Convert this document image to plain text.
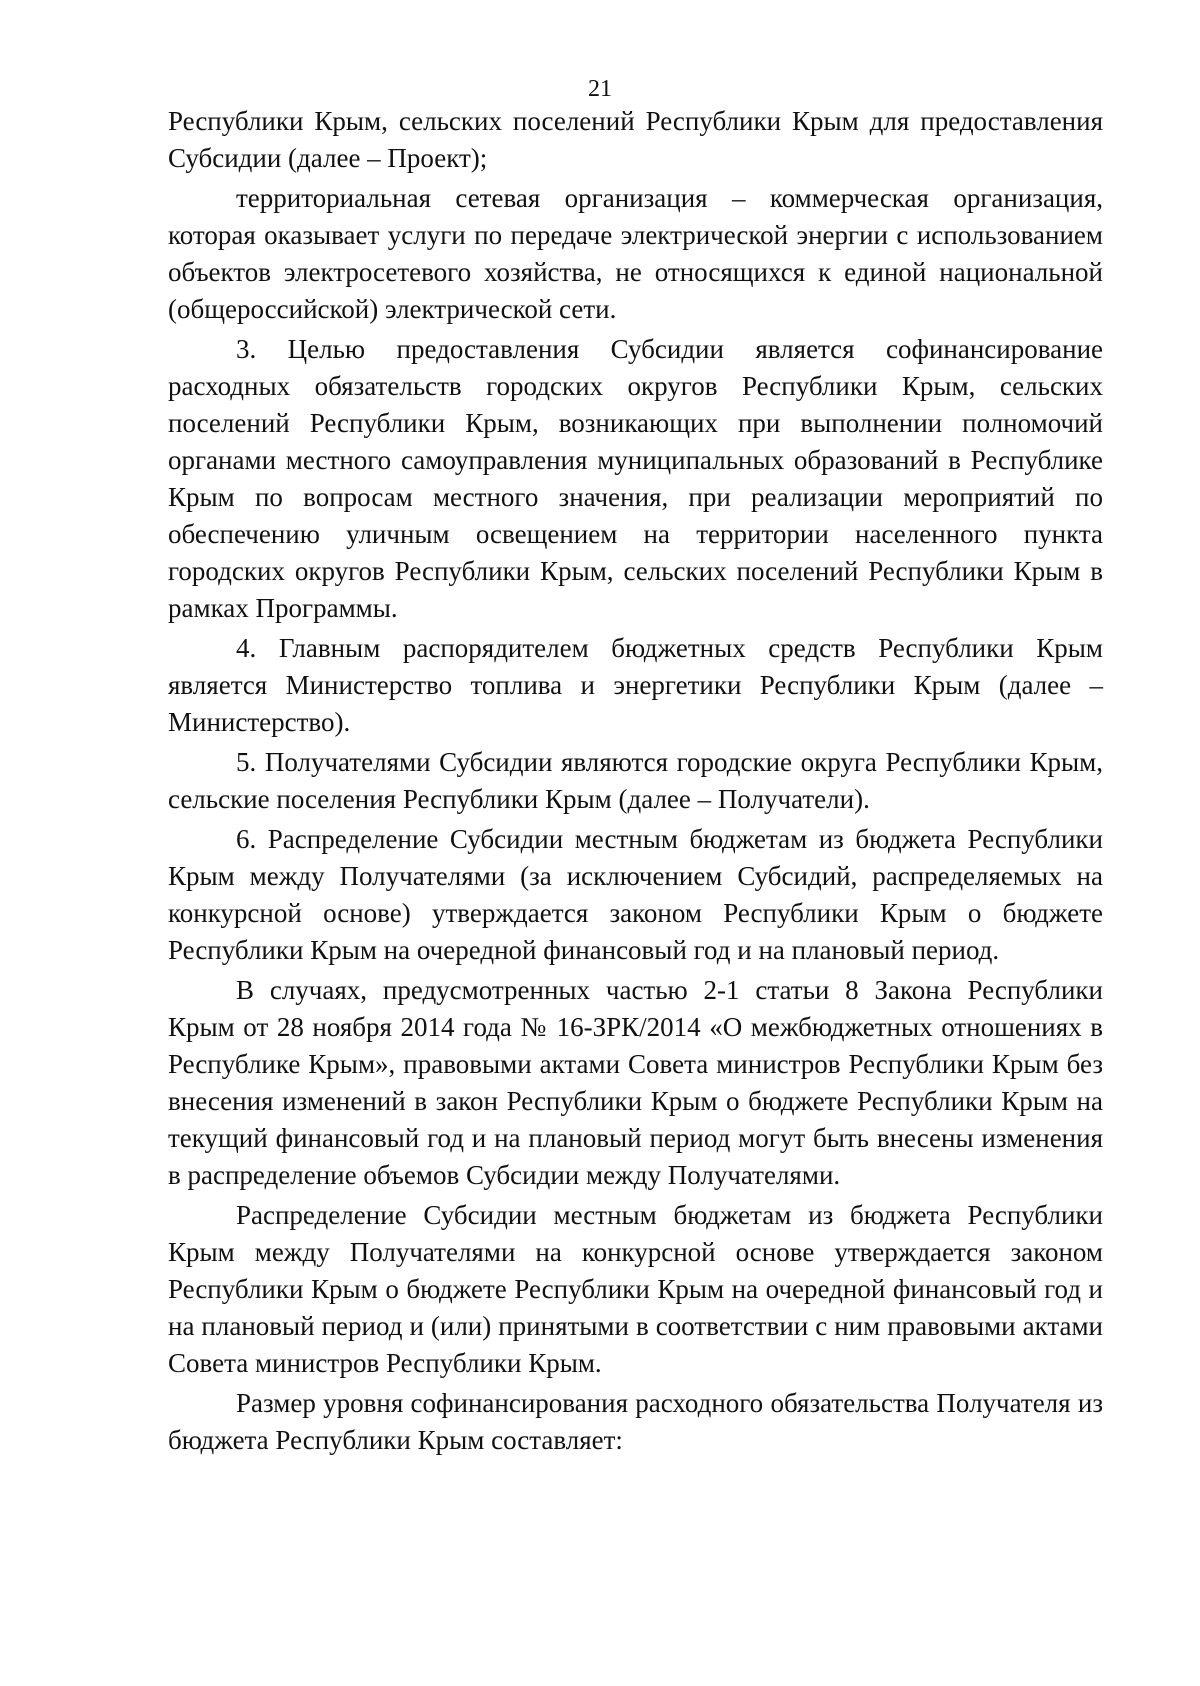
21

Республики Крым, сельских поселений Республики Крым для предоставления Субсидии (далее – Проект);

территориальная сетевая организация – коммерческая организация, которая оказывает услуги по передаче электрической энергии с использованием объектов электросетевого хозяйства, не относящихся к единой национальной (общероссийской) электрической сети.

3. Целью предоставления Субсидии является софинансирование расходных обязательств городских округов Республики Крым, сельских поселений Республики Крым, возникающих при выполнении полномочий органами местного самоуправления муниципальных образований в Республике Крым по вопросам местного значения, при реализации мероприятий по обеспечению уличным освещением на территории населенного пункта городских округов Республики Крым, сельских поселений Республики Крым в рамках Программы.

4. Главным распорядителем бюджетных средств Республики Крым является Министерство топлива и энергетики Республики Крым (далее – Министерство).

5. Получателями Субсидии являются городские округа Республики Крым, сельские поселения Республики Крым (далее – Получатели).

6. Распределение Субсидии местным бюджетам из бюджета Республики Крым между Получателями (за исключением Субсидий, распределяемых на конкурсной основе) утверждается законом Республики Крым о бюджете Республики Крым на очередной финансовый год и на плановый период.

В случаях, предусмотренных частью 2-1 статьи 8 Закона Республики Крым от 28 ноября 2014 года № 16-ЗРК/2014 «О межбюджетных отношениях в Республике Крым», правовыми актами Совета министров Республики Крым без внесения изменений в закон Республики Крым о бюджете Республики Крым на текущий финансовый год и на плановый период могут быть внесены изменения в распределение объемов Субсидии между Получателями.

Распределение Субсидии местным бюджетам из бюджета Республики Крым между Получателями на конкурсной основе утверждается законом Республики Крым о бюджете Республики Крым на очередной финансовый год и на плановый период и (или) принятыми в соответствии с ним правовыми актами Совета министров Республики Крым.

Размер уровня софинансирования расходного обязательства Получателя из бюджета Республики Крым составляет:
